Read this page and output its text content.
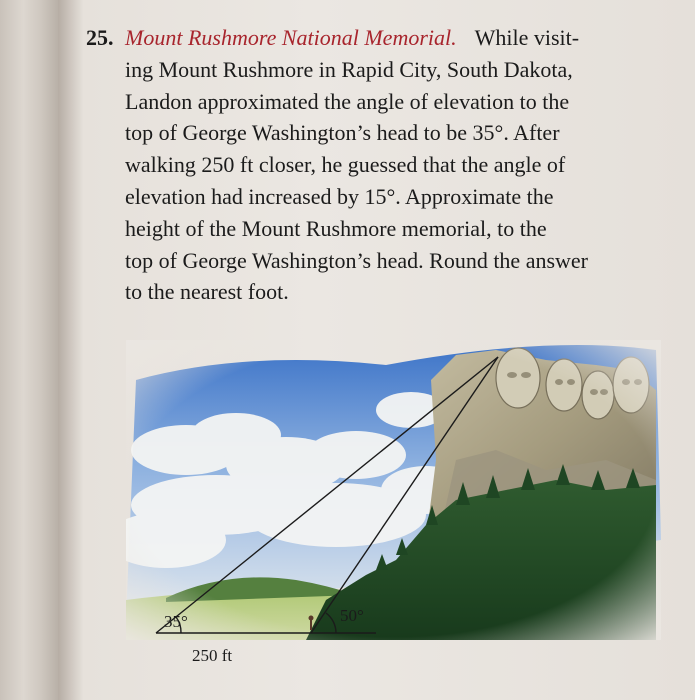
25. Mount Rushmore National Memorial. While visit-
ing Mount Rushmore in Rapid City, South Dakota,
Landon approximated the angle of elevation to the
top of George Washington’s head to be 35°. After
walking 250 ft closer, he guessed that the angle of
elevation had increased by 15°. Approximate the
height of the Mount Rushmore memorial, to the
top of George Washington’s head. Round the answer
to the nearest foot.
35°	50°
250 ft
